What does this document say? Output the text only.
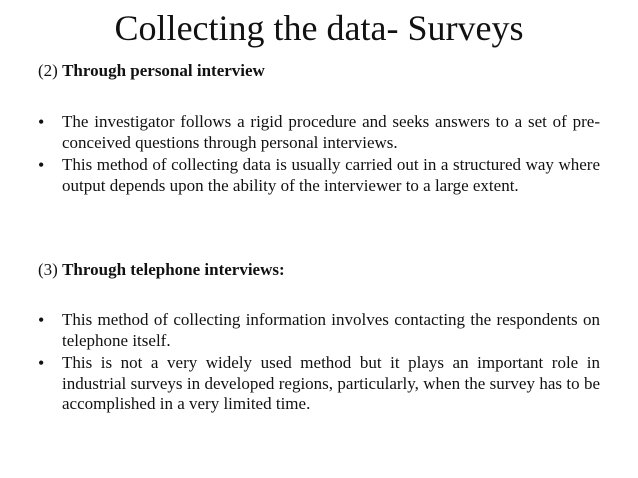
Collecting the data- Surveys
(2) Through personal interview
• The investigator follows a rigid procedure and seeks answers to a set of pre-conceived questions through personal interviews.
• This method of collecting data is usually carried out in a structured way where output depends upon the ability of the interviewer to a large extent.
(3) Through telephone interviews:
• This method of collecting information involves contacting the respondents on telephone itself.
• This is not a very widely used method but it plays an important role in industrial surveys in developed regions, particularly, when the survey has to be accomplished in a very limited time.
